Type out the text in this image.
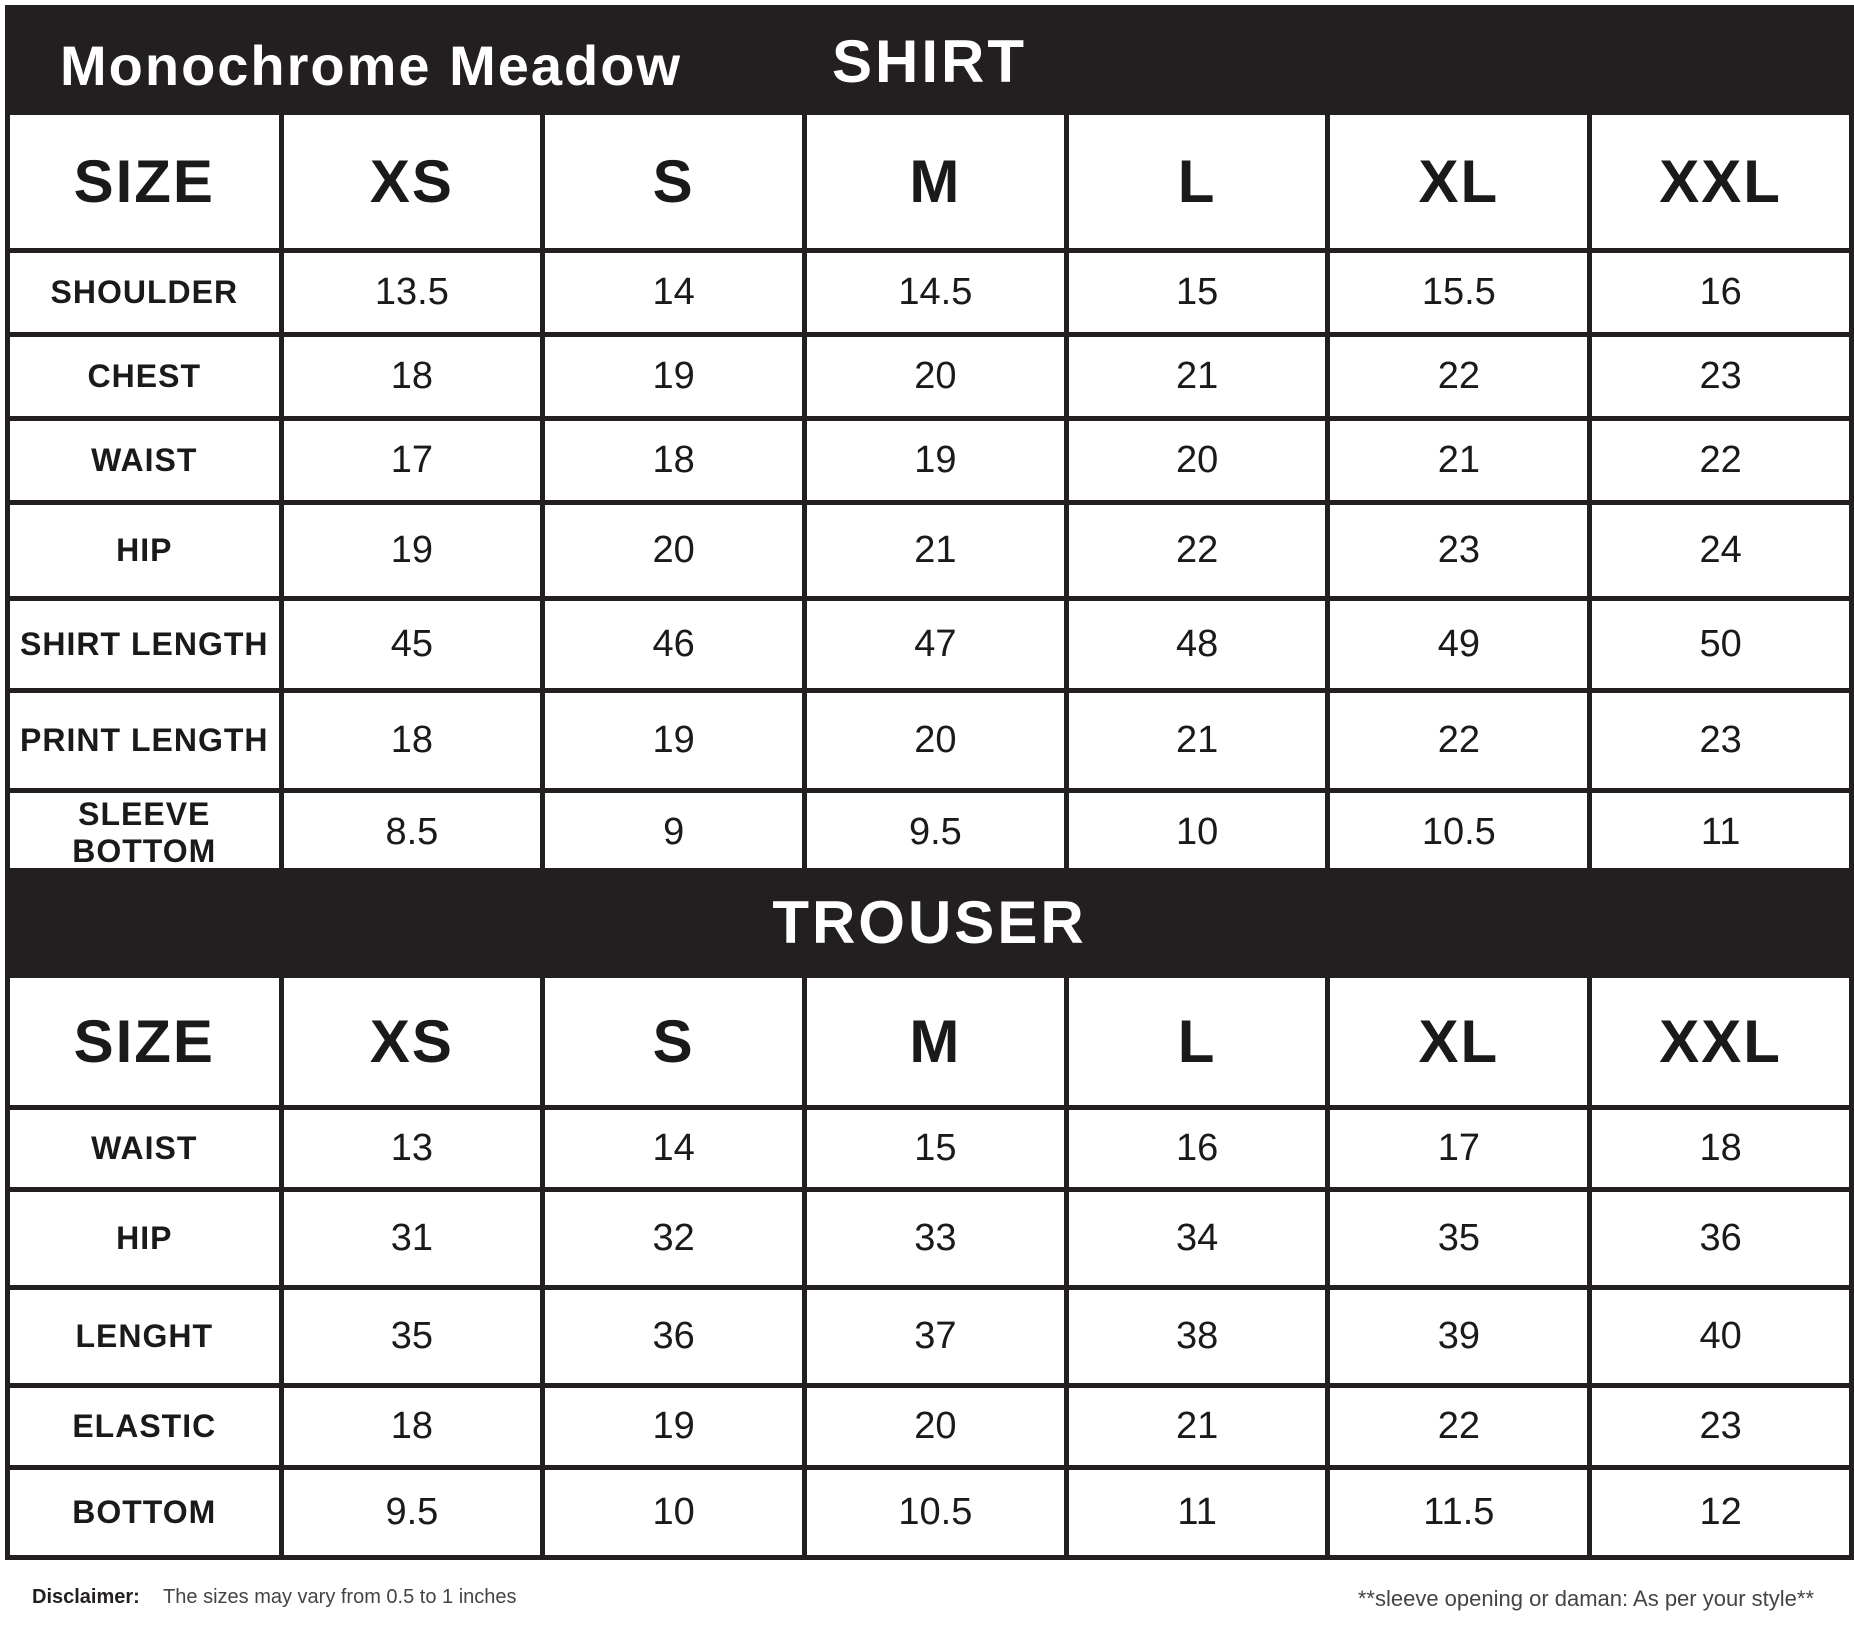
Monochrome Meadow	SHIRT
SIZE	XS	S	M	L	XL	XXL
SHOULDER	13.5	14	14.5	15	15.5	16
CHEST	18	19	20	21	22	23
WAIST	17	18	19	20	21	22
HIP	19	20	21	22	23	24
SHIRT LENGTH	45	46	47	48	49	50
PRINT LENGTH	18	19	20	21	22	23
SLEEVE BOTTOM	8.5	9	9.5	10	10.5	11
TROUSER
SIZE	XS	S	M	L	XL	XXL
WAIST	13	14	15	16	17	18
HIP	31	32	33	34	35	36
LENGHT	35	36	37	38	39	40
ELASTIC	18	19	20	21	22	23
BOTTOM	9.5	10	10.5	11	11.5	12
Disclaimer: The sizes may vary from 0.5 to 1 inches	**sleeve opening or daman: As per your style**
